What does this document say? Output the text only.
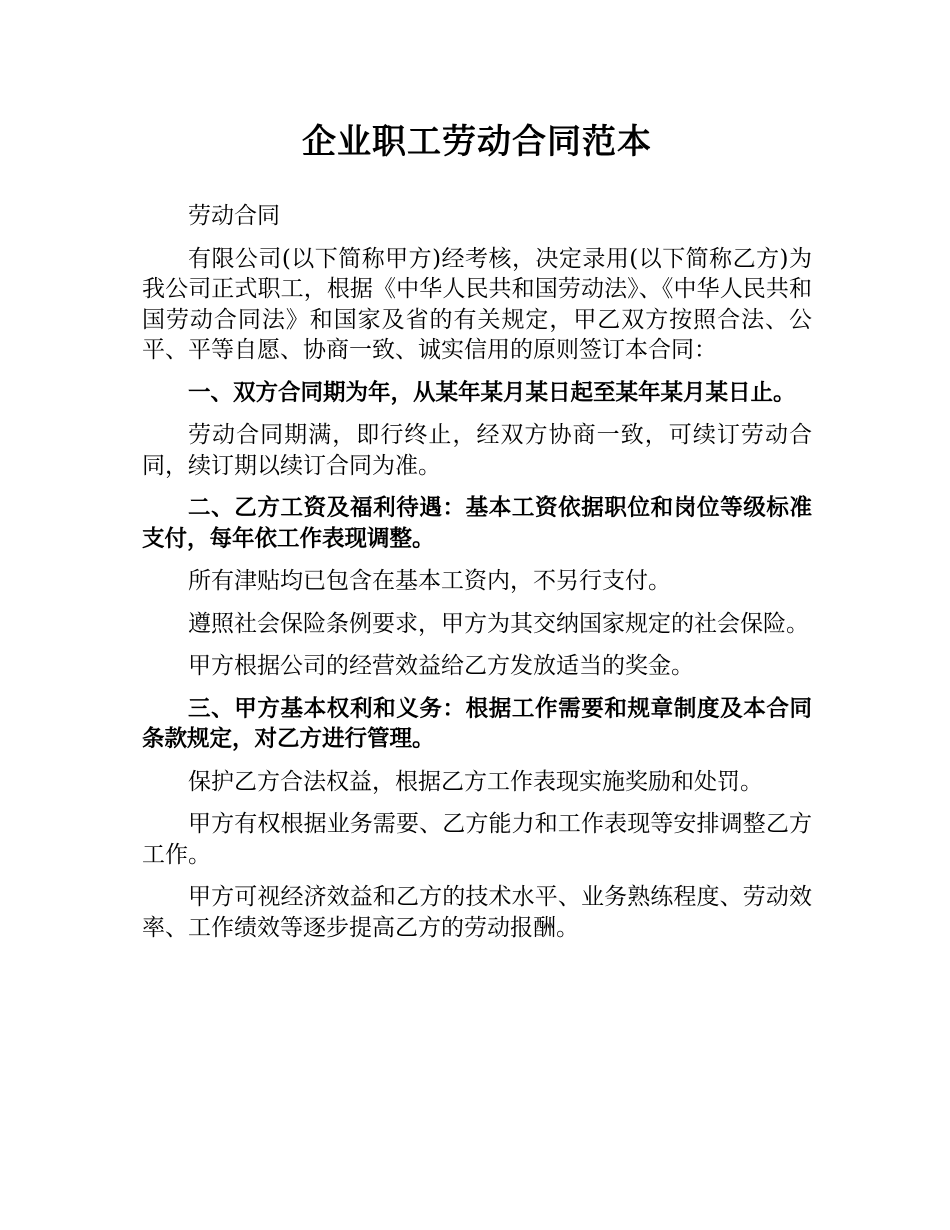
企业职工劳动合同范本

劳动合同

有限公司(以下简称甲方)经考核，决定录用(以下简称乙方)为我公司正式职工，根据《中华人民共和国劳动法》、《中华人民共和国劳动合同法》和国家及省的有关规定，甲乙双方按照合法、公平、平等自愿、协商一致、诚实信用的原则签订本合同：

一、双方合同期为年，从某年某月某日起至某年某月某日止。

劳动合同期满，即行终止，经双方协商一致，可续订劳动合同，续订期以续订合同为准。

二、乙方工资及福利待遇：基本工资依据职位和岗位等级标准支付，每年依工作表现调整。

所有津贴均已包含在基本工资内，不另行支付。

遵照社会保险条例要求，甲方为其交纳国家规定的社会保险。

甲方根据公司的经营效益给乙方发放适当的奖金。

三、甲方基本权利和义务：根据工作需要和规章制度及本合同条款规定，对乙方进行管理。

保护乙方合法权益，根据乙方工作表现实施奖励和处罚。

甲方有权根据业务需要、乙方能力和工作表现等安排调整乙方工作。

甲方可视经济效益和乙方的技术水平、业务熟练程度、劳动效率、工作绩效等逐步提高乙方的劳动报酬。
